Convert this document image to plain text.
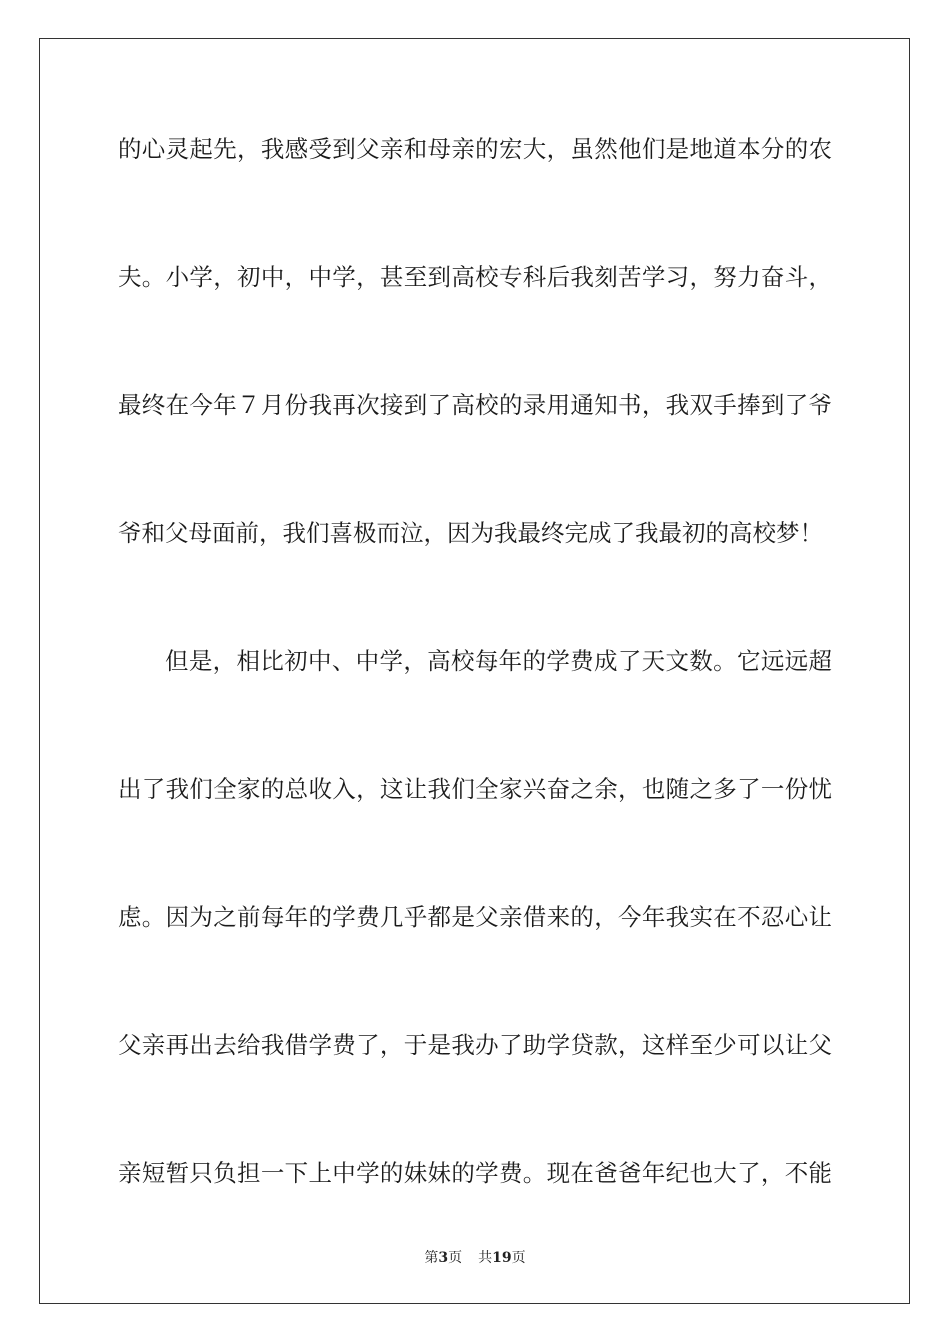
的心灵起先，我感受到父亲和母亲的宏大，虽然他们是地道本分的农
夫。小学，初中，中学，甚至到高校专科后我刻苦学习，努力奋斗，
最终在今年７月份我再次接到了高校的录用通知书，我双手捧到了爷
爷和父母面前，我们喜极而泣，因为我最终完成了我最初的高校梦！
但是，相比初中、中学，高校每年的学费成了天文数。它远远超
出了我们全家的总收入，这让我们全家兴奋之余，也随之多了一份忧
虑。因为之前每年的学费几乎都是父亲借来的，今年我实在不忍心让
父亲再出去给我借学费了，于是我办了助学贷款，这样至少可以让父
亲短暂只负担一下上中学的妹妹的学费。现在爸爸年纪也大了，不能
第3页 共19页
